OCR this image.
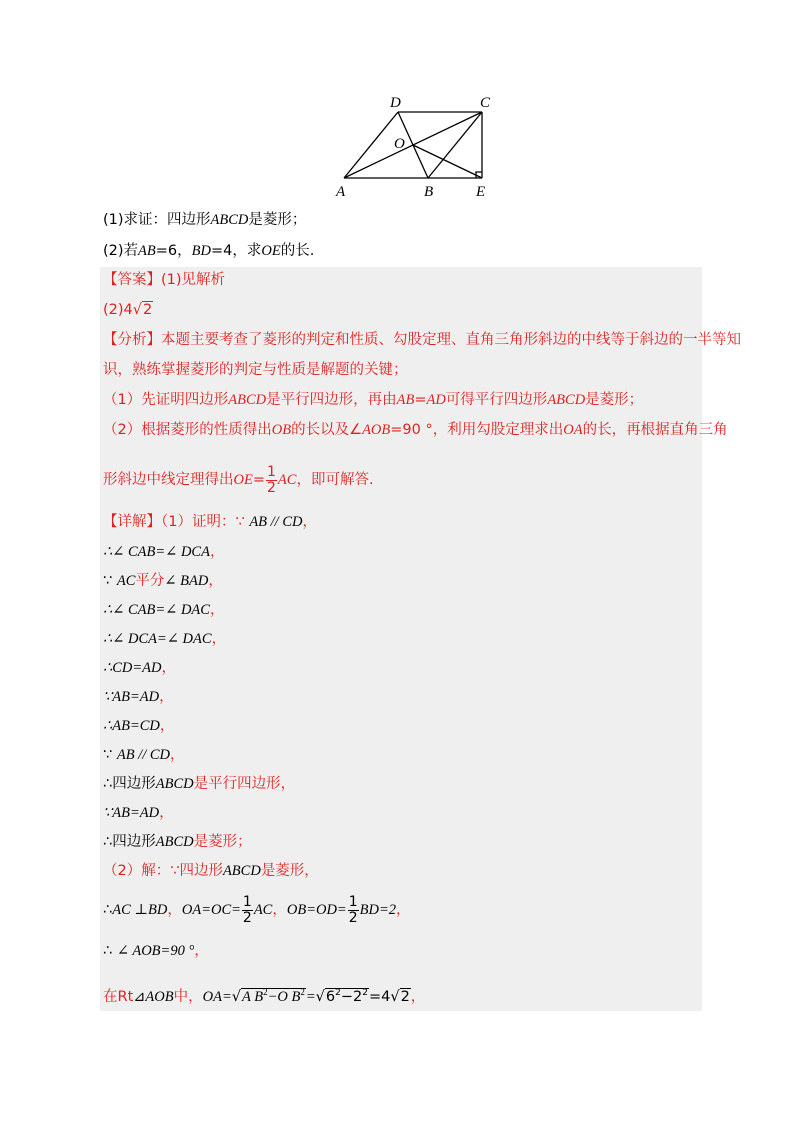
D	C
O
A	B	E
(1)求证：四边形ABCD是菱形；
(2)若AB=6，BD=4，求OE的长.
【答案】(1)见解析
(2)4√2
【分析】本题主要考查了菱形的判定和性质、勾股定理、直角三角形斜边的中线等于斜边的一半等知
识，熟练掌握菱形的判定与性质是解题的关键；
（1）先证明四边形ABCD是平行四边形，再由AB=AD可得平行四边形ABCD是菱形；
（2）根据菱形的性质得出OB的长以及∠AOB=90 °，利用勾股定理求出OA的长，再根据直角三角
形斜边中线定理得出$OE= \frac{1}{2}$ AC，即可解答.
【详解】（1）证明：∵ AB // CD，
∴∠ CAB=∠ DCA，
∵ AC平分∠ BAD，
∴∠ CAB=∠ DAC，
∴∠ DCA=∠ DAC，
∴CD=AD，
∵AB=AD，
∴AB=CD，
∵ AB // CD，
∴四边形ABCD是平行四边形，
∵AB=AD，
∴四边形ABCD是菱形；
（2）解：∵四边形ABCD是菱形，
∴AC ⊥BD，$OA=OC= \frac{1}{2}$ AC，$OB=OD= \frac{1}{2} BD=2$，
∴ ∠ AOB=90 °，
在Rt⊿AOB中，OA=√A $B^2-O$ $B^2=√6^2-2^2=4√2$，
